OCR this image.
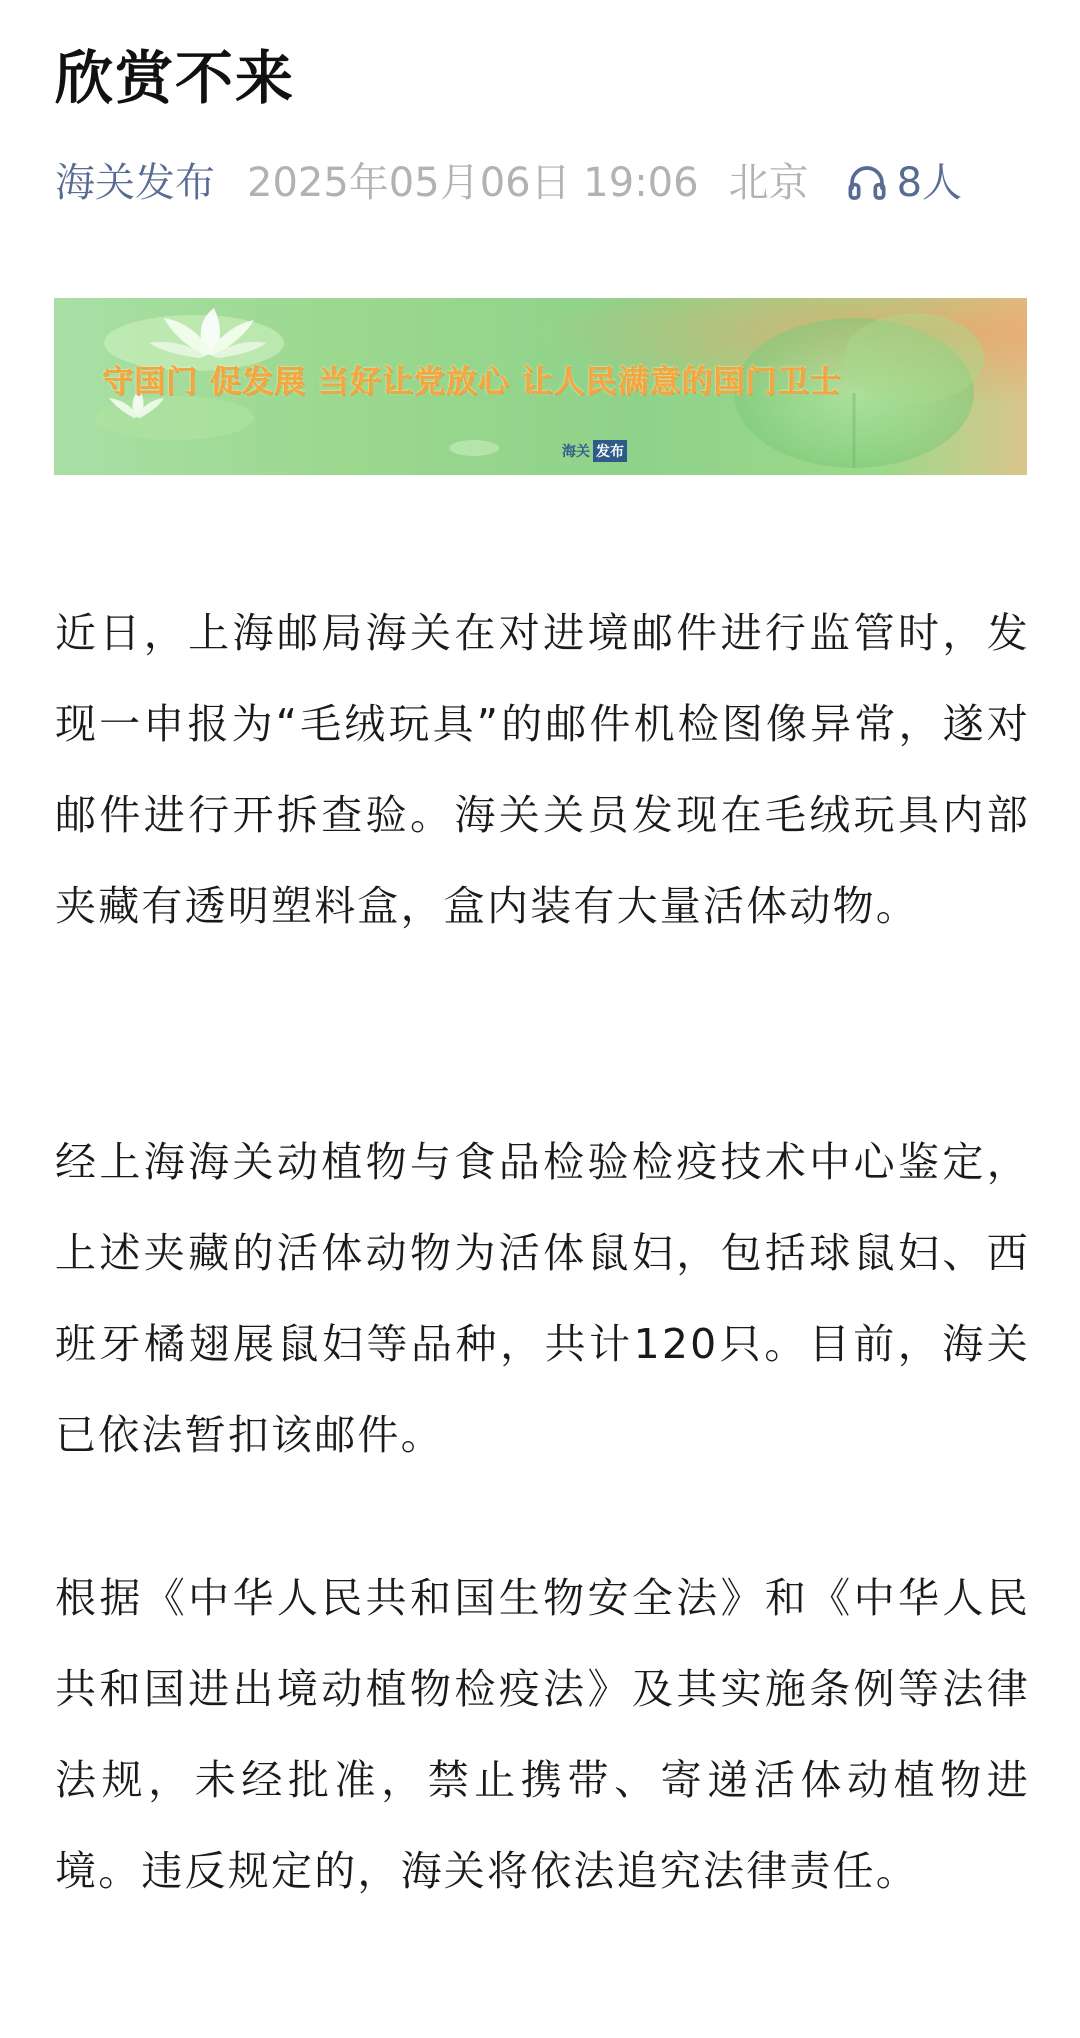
欣赏不来
海关发布 2025年05月06日 19:06 北京 8人
守国门 促发展 当好让党放心 让人民满意的国门卫士
海关 发布

近日，上海邮局海关在对进境邮件进行监管时，发现一申报为“毛绒玩具”的邮件机检图像异常，遂对邮件进行开拆查验。海关关员发现在毛绒玩具内部夹藏有透明塑料盒，盒内装有大量活体动物。

经上海海关动植物与食品检验检疫技术中心鉴定，上述夹藏的活体动物为活体鼠妇，包括球鼠妇、西班牙橘翅展鼠妇等品种，共计120只。目前，海关已依法暂扣该邮件。

根据《中华人民共和国生物安全法》和《中华人民共和国进出境动植物检疫法》及其实施条例等法律法规，未经批准，禁止携带、寄递活体动植物进境。违反规定的，海关将依法追究法律责任。
